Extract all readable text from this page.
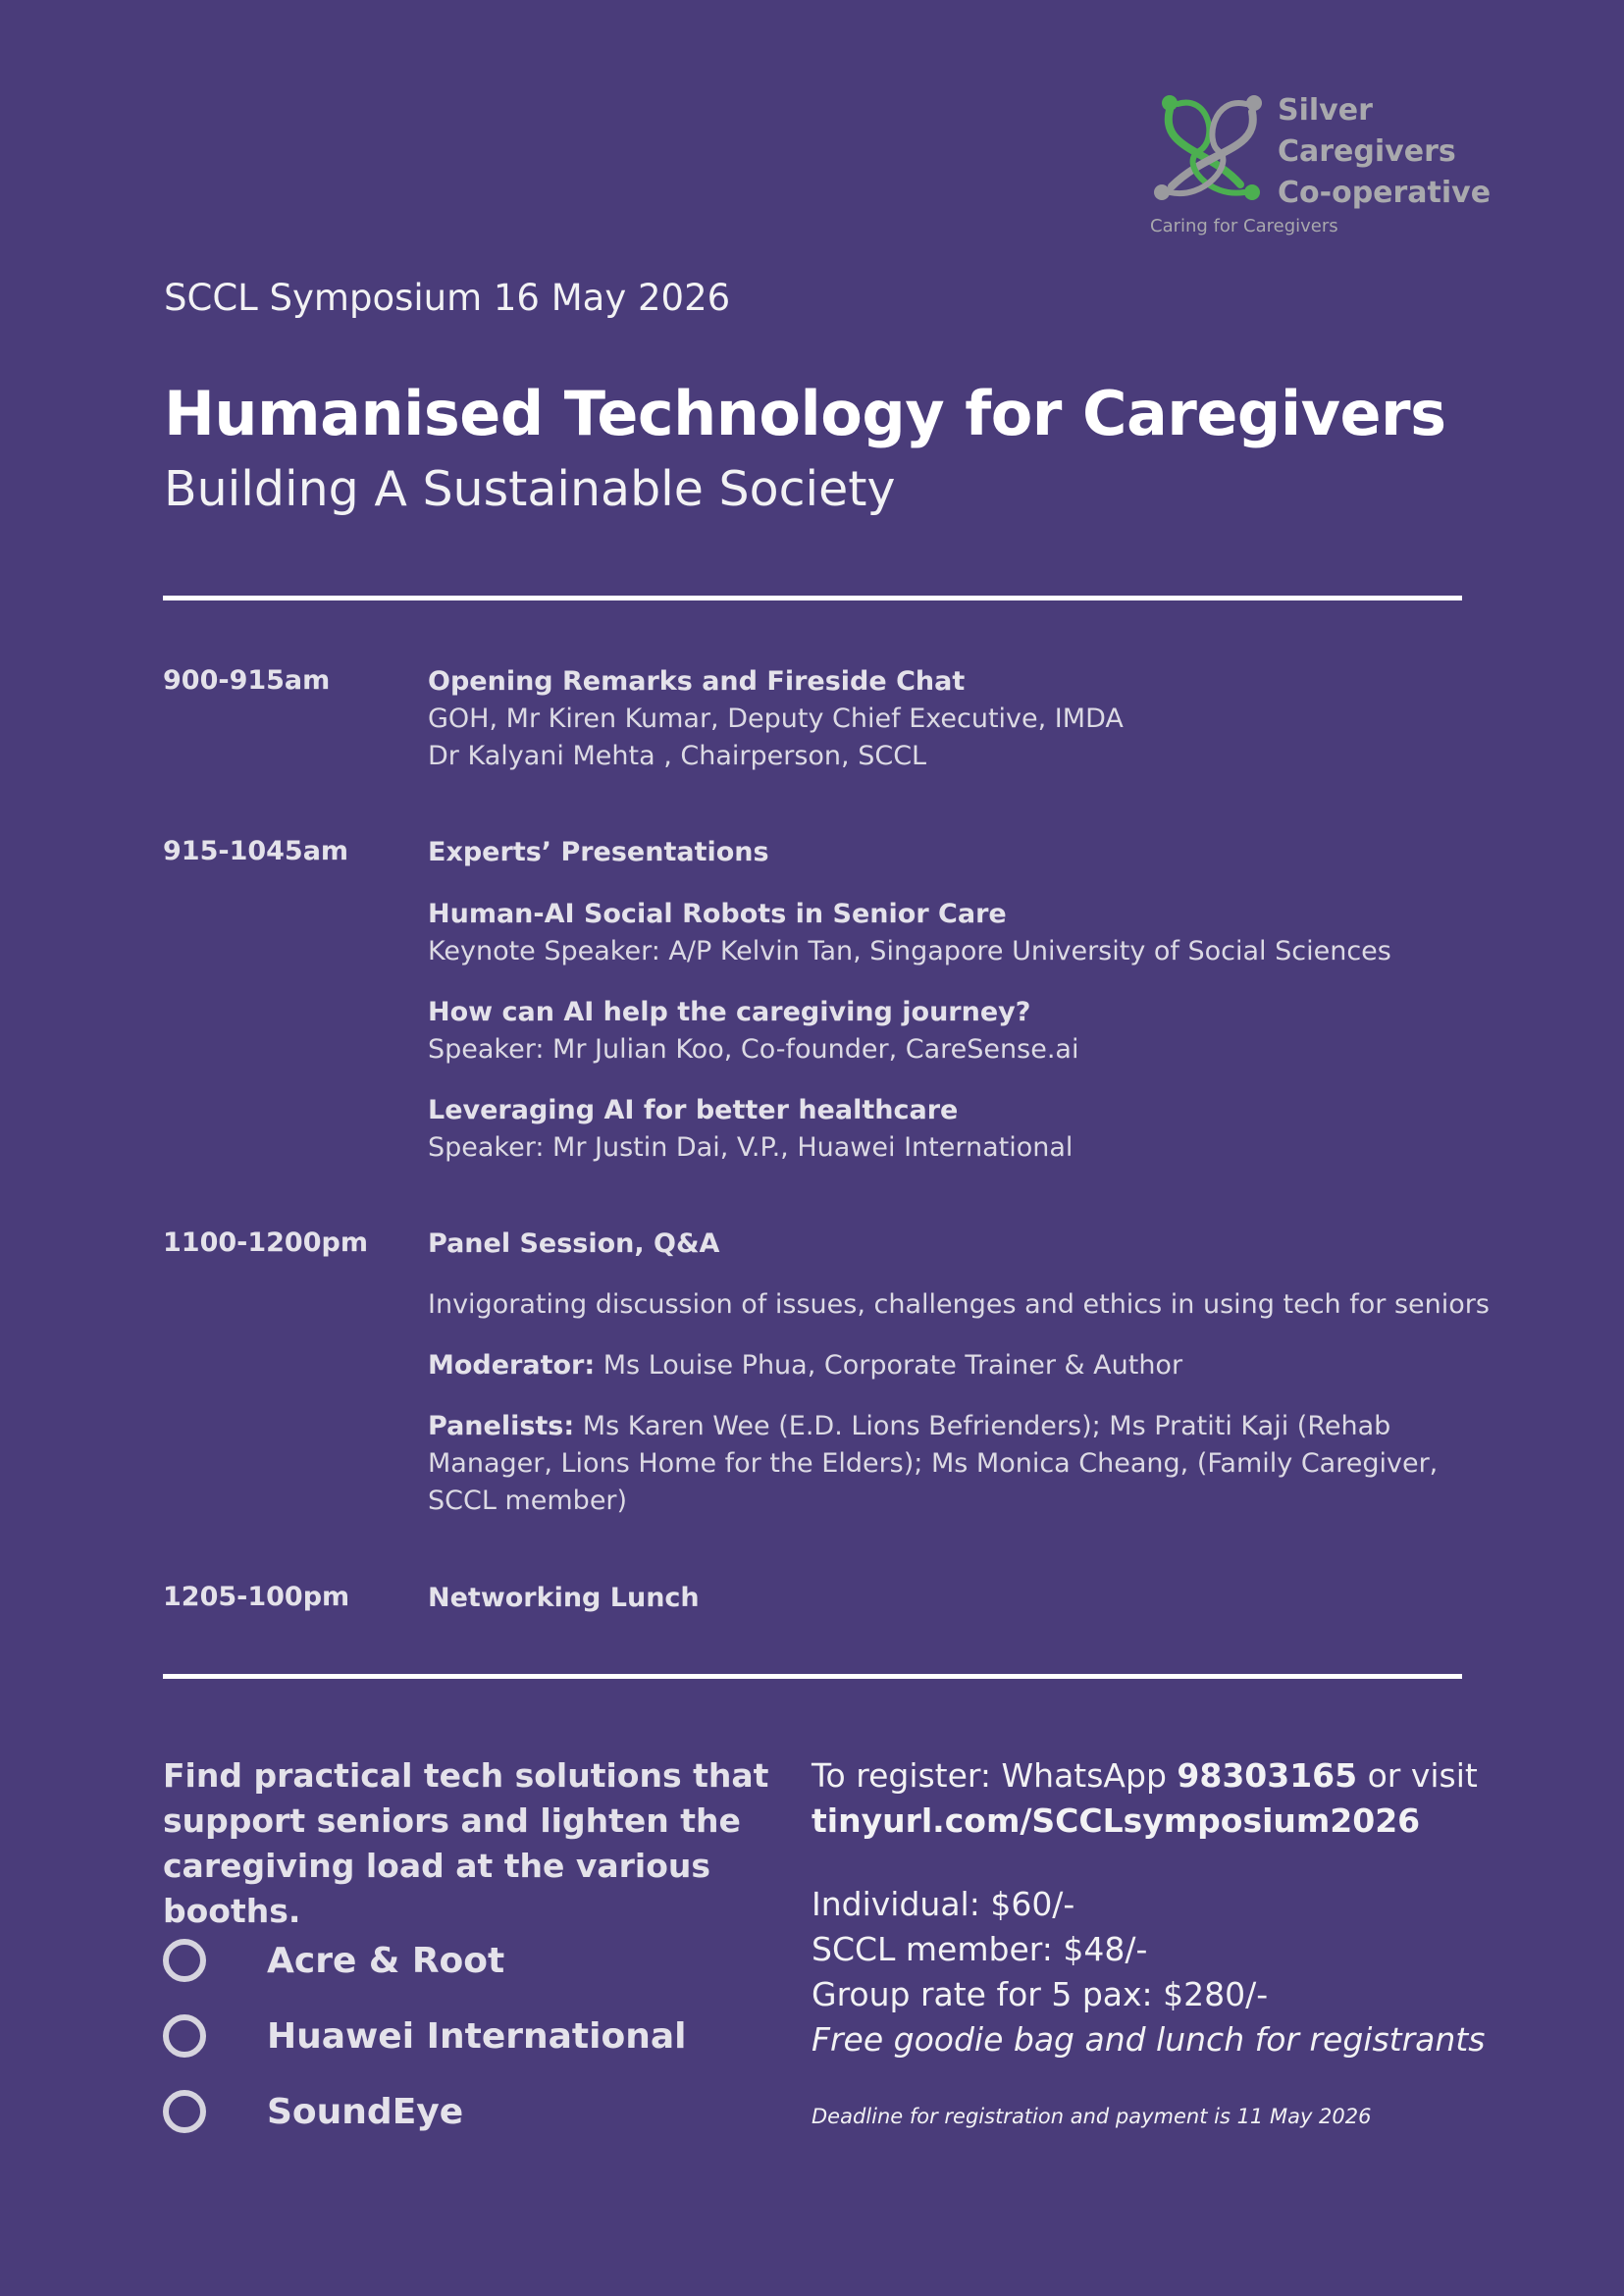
Silver
Caregivers
Co-operative
Caring for Caregivers
SCCL Symposium 16 May 2026
Humanised Technology for Caregivers
Building A Sustainable Society
900-915am	Opening Remarks and Fireside Chat
GOH, Mr Kiren Kumar, Deputy Chief Executive, IMDA
Dr Kalyani Mehta , Chairperson, SCCL
915-1045am	Experts’ Presentations
Human-AI Social Robots in Senior Care
Keynote Speaker: A/P Kelvin Tan, Singapore University of Social Sciences
How can AI help the caregiving journey?
Speaker: Mr Julian Koo, Co-founder, CareSense.ai
Leveraging AI for better healthcare
Speaker: Mr Justin Dai, V.P., Huawei International
1100-1200pm Panel Session, Q&A
Invigorating discussion of issues, challenges and ethics in using tech for seniors
Moderator: Ms Louise Phua, Corporate Trainer & Author
Panelists: Ms Karen Wee (E.D. Lions Befrienders); Ms Pratiti Kaji (Rehab Manager, Lions Home for the Elders); Ms Monica Cheang, (Family Caregiver, SCCL member)
1205-100pm	Networking Lunch
Find practical tech solutions that support seniors and lighten the caregiving load at the various booths.
Acre & Root
Huawei International
SoundEye
To register: WhatsApp 98303165 or visit
tinyurl.com/SCCLsymposium2026
Individual: $60/-
SCCL member: $48/-
Group rate for 5 pax: $280/-
Free goodie bag and lunch for registrants
Deadline for registration and payment is 11 May 2026
